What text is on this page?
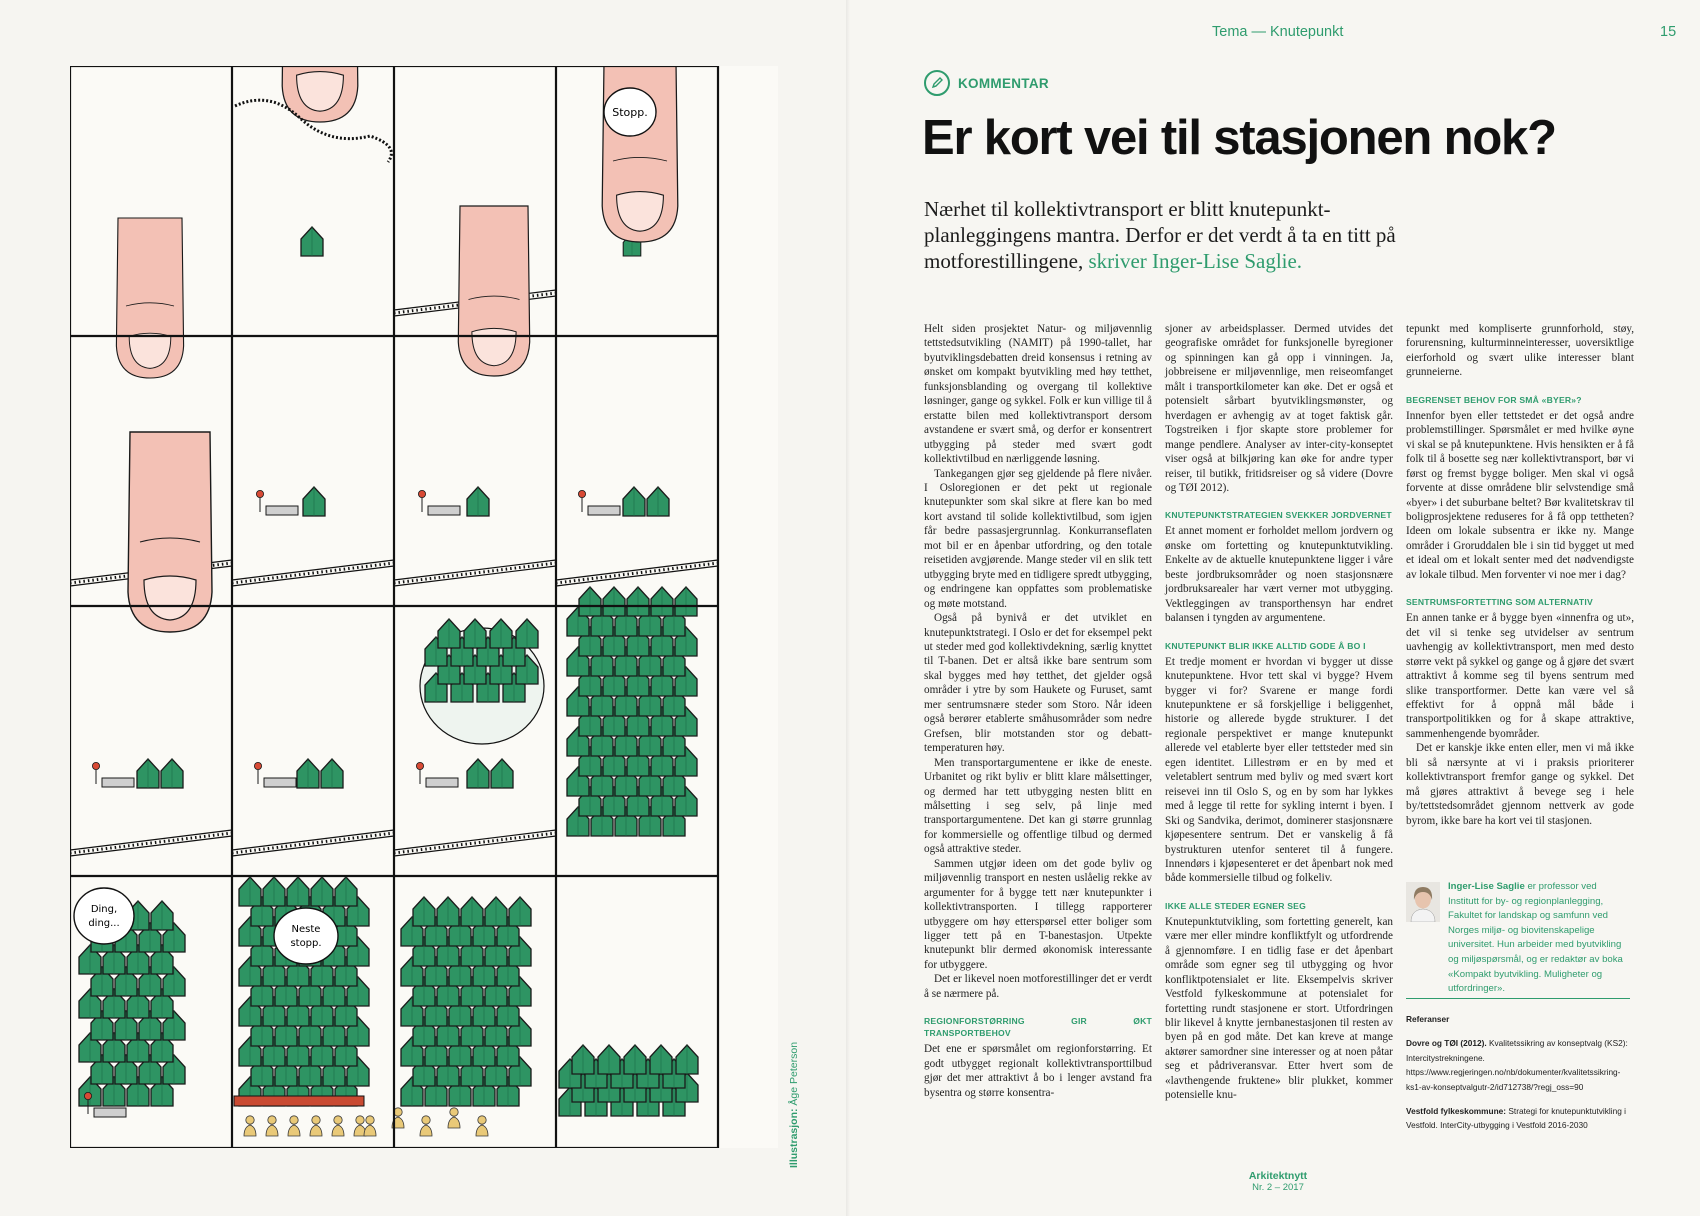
Stopp.
Ding,
ding...
Neste
stopp.
Illustrasjon: Åge Peterson
Tema — Knutepunkt	15
KOMMENTAR
Er kort vei til stasjonen nok?

Nærhet til kollektivtransport er blitt knutepunktplanleggingens mantra. Derfor er det verdt å ta en titt på motforestillingene, skriver Inger-Lise Saglie.

Helt siden prosjektet Natur- og miljøvennlig tettstedsutvikling (NAMIT) på 1990-tallet, har byutviklingsdebatten dreid konsensus i retning av ønsket om kompakt byutvikling med høy tetthet, funksjonsblanding og overgang til kollektive løsninger, gange og sykkel. Folk er kun villige til å erstatte bilen med kollektivtransport dersom avstandene er svært små, og derfor er konsentrert utbygging på steder med svært godt kollektivtilbud en nærliggende løsning.

Tankegangen gjør seg gjeldende på flere nivåer. I Osloregionen er det pekt ut regionale knutepunkter som skal sikre at flere kan bo med kort avstand til solide kollektivtilbud, som igjen får bedre passasjergrunnlag. Konkurranseflaten mot bil er en åpenbar utfordring, og den totale reisetiden avgjørende. Mange steder vil en slik tett utbygging bryte med en tidligere spredt utbygging, og endringene kan oppfattes som problematiske og møte motstand.

Også på bynivå er det utviklet en knutepunktstrategi. I Oslo er det for eksempel pekt ut steder med god kollektivdekning, særlig knyttet til T-banen. Det er altså ikke bare sentrum som skal bygges med høy tetthet, det gjelder også områder i ytre by som Haukete og Furuset, samt mer sentrumsnære steder som Storo. Når ideen også berører etablerte småhusområder som nedre Grefsen, blir motstanden stor og debatt-temperaturen høy.

Men transportargumentene er ikke de eneste. Urbanitet og rikt byliv er blitt klare målsettinger, og dermed har tett utbygging nesten blitt en målsetting i seg selv, på linje med transportargumentene. Det kan gi større grunnlag for kommersielle og offentlige tilbud og dermed også attraktive steder.

Sammen utgjør ideen om det gode byliv og miljøvennlig transport en nesten uslåelig rekke av argumenter for å bygge tett nær knutepunkter i kollektivtransporten. I tillegg rapporterer utbyggere om høy etterspørsel etter boliger som ligger tett på en T-banestasjon. Utpekte knutepunkt blir dermed økonomisk interessante for utbyggere.

Det er likevel noen motforestillinger det er verdt å se nærmere på.

REGIONFORSTØRRING GIR ØKT TRANSPORTBEHOV

Det ene er spørsmålet om regionforstørring. Et godt utbygget regionalt kollektivtransporttilbud gjør det mer attraktivt å bo i lenger avstand fra bysentra og større konsentra-

sjoner av arbeidsplasser. Dermed utvides det geografiske området for funksjonelle byregioner og spinningen kan gå opp i vinningen. Ja, jobbreisene er miljøvennlige, men reiseomfanget målt i transportkilometer kan øke. Det er også et potensielt sårbart byutviklingsmønster, og hverdagen er avhengig av at toget faktisk går. Togstreiken i fjor skapte store problemer for mange pendlere. Analyser av inter-city-konseptet viser også at bilkjøring kan øke for andre typer reiser, til butikk, fritidsreiser og så videre (Dovre og TØI 2012).

KNUTEPUNKTSTRATEGIEN SVEKKER JORDVERNET

Et annet moment er forholdet mellom jordvern og ønske om fortetting og knutepunktutvikling. Enkelte av de aktuelle knutepunktene ligger i våre beste jordbruksområder og noen stasjonsnære jordbruksarealer har vært verner mot utbygging. Vektleggingen av transporthensyn har endret balansen i tyngden av argumentene.

KNUTEPUNKT BLIR IKKE ALLTID GODE Å BO I

Et tredje moment er hvordan vi bygger ut disse knutepunktene. Hvor tett skal vi bygge? Hvem bygger vi for? Svarene er mange fordi knutepunktene er så forskjellige i beliggenhet, historie og allerede bygde strukturer. I det regionale perspektivet er mange knutepunkt allerede vel etablerte byer eller tettsteder med sin egen identitet. Lillestrøm er en by med et veletablert sentrum med byliv og med svært kort reisevei inn til Oslo S, og en by som har lykkes med å legge til rette for sykling internt i byen. I Ski og Sandvika, derimot, dominerer stasjonsnære kjøpesentere sentrum. Det er vanskelig å få bystrukturen utenfor senteret til å fungere. Innendørs i kjøpesenteret er det åpenbart nok med både kommersielle tilbud og folkeliv.

IKKE ALLE STEDER EGNER SEG

Knutepunktutvikling, som fortetting generelt, kan være mer eller mindre konfliktfylt og utfordrende å gjennomføre. I en tidlig fase er det åpenbart område som egner seg til utbygging og hvor konfliktpotensialet er lite. Eksempelvis skriver Vestfold fylkeskommune at potensialet for fortetting rundt stasjonene er stort. Utfordringen blir likevel å knytte jernbanestasjonen til resten av byen på en god måte. Det kan kreve at mange aktører samordner sine interesser og at noen påtar seg et pådriveransvar. Etter hvert som de «lavthengende fruktene» blir plukket, kommer potensielle knu-

tepunkt med kompliserte grunnforhold, støy, forurensning, kulturminneinteresser, uoversiktlige eierforhold og svært ulike interesser blant grunneierne.

BEGRENSET BEHOV FOR SMÅ «BYER»?

Innenfor byen eller tettstedet er det også andre problemstillinger. Spørsmålet er med hvilke øyne vi skal se på knutepunktene. Hvis hensikten er å få folk til å bosette seg nær kollektivtransport, bør vi først og fremst bygge boliger. Men skal vi også forvente at disse områdene blir selvstendige små «byer» i det suburbane beltet? Bør kvalitetskrav til boligprosjektene reduseres for å få opp tettheten? Ideen om lokale subsentra er ikke ny. Mange områder i Groruddalen ble i sin tid bygget ut med et ideal om et lokalt senter med det nødvendigste av lokale tilbud. Men forventer vi noe mer i dag?

SENTRUMSFORTETTING SOM ALTERNATIV

En annen tanke er å bygge byen «innenfra og ut», det vil si tenke seg utvidelser av sentrum uavhengig av kollektivtransport, men med desto større vekt på sykkel og gange og å gjøre det svært attraktivt å komme seg til byens sentrum med slike transportformer. Dette kan være vel så effektivt for å oppnå mål både i transportpolitikken og for å skape attraktive, sammenhengende byområder.

Det er kanskje ikke enten eller, men vi må ikke bli så nærsynte at vi i praksis prioriterer kollektivtransport fremfor gange og sykkel. Det må gjøres attraktivt å bevege seg i hele by/tettstedsområdet gjennom nettverk av gode byrom, ikke bare ha kort vei til stasjonen.

Inger-Lise Saglie er professor ved Institutt for by- og regionplanlegging, Fakultet for landskap og samfunn ved Norges miljø- og biovitenskapelige universitet. Hun arbeider med byutvikling og miljøspørsmål, og er redaktør av boka «Kompakt byutvikling. Muligheter og utfordringer».
Referanser
Dovre og TØI (2012). Kvalitetssikring av konseptvalg (KS2): Intercitystrekningene. https://www.regjeringen.no/nb/dokumenter/kvalitetssikring-ks1-av-konseptvalgutr-2/id712738/?regj_oss=90
Vestfold fylkeskommune: Strategi for knutepunktutvikling i Vestfold. InterCity-utbygging i Vestfold 2016-2030
Arkitektnytt
Nr. 2 – 2017
